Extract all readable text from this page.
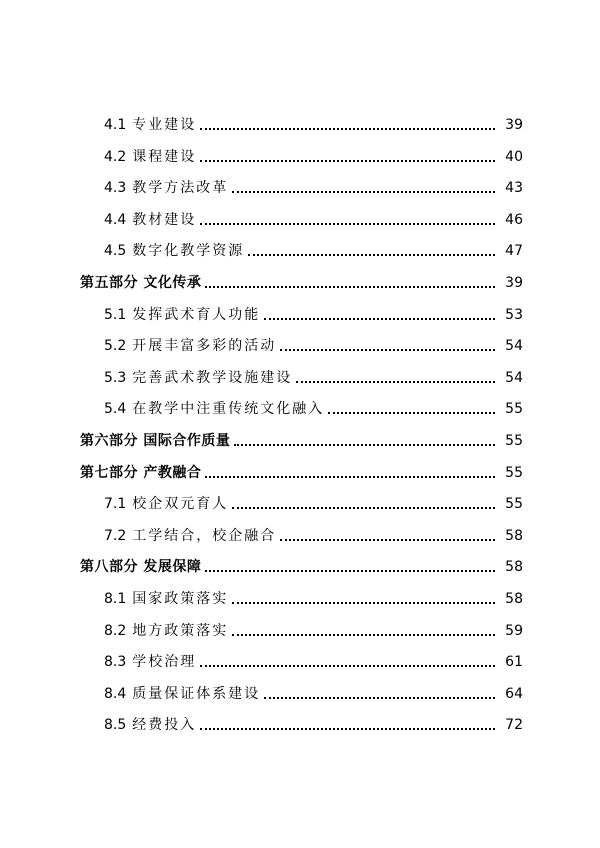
4.1 专业建设	39
4.2 课程建设	40
4.3 教学方法改革	43
4.4 教材建设	46
4.5 数字化教学资源	47
第五部分 文化传承	39
5.1 发挥武术育人功能	53
5.2 开展丰富多彩的活动	54
5.3 完善武术教学设施建设	54
5.4 在教学中注重传统文化融入	55
第六部分 国际合作质量	55
第七部分 产教融合	55
7.1 校企双元育人	55
7.2 工学结合，校企融合	58
第八部分 发展保障	58
8.1 国家政策落实	58
8.2 地方政策落实	59
8.3 学校治理	61
8.4 质量保证体系建设	64
8.5 经费投入	72
